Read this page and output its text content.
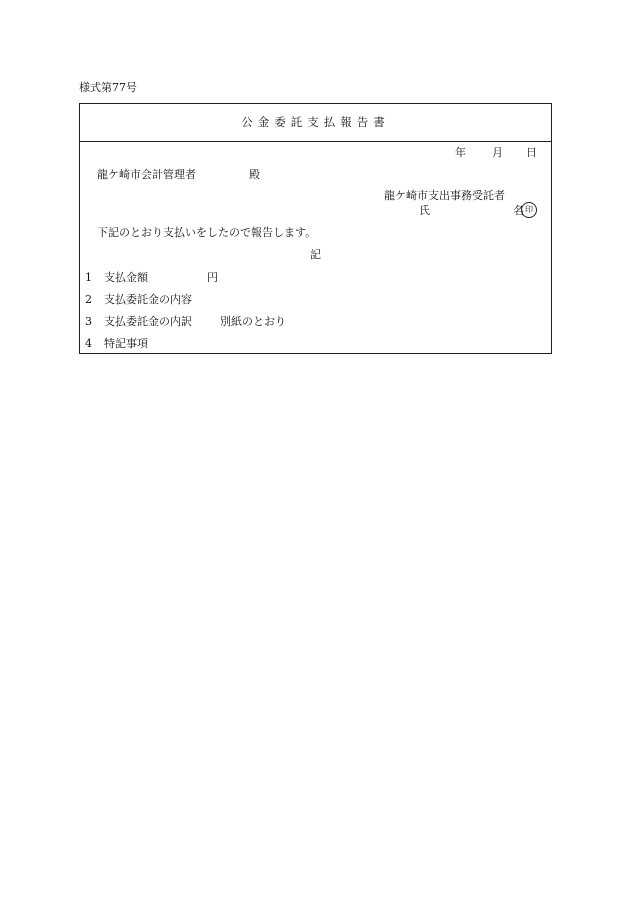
様式第77号
公金委託支払報告書
年 月 日
龍ケ崎市会計管理者	殿
龍ケ崎市支出事務受託者
氏	名 印
下記のとおり支払いをしたので報告します。
記
1 支払金額	円
2 支払委託金の内容
3 支払委託金の内訳	別紙のとおり
4 特記事項
